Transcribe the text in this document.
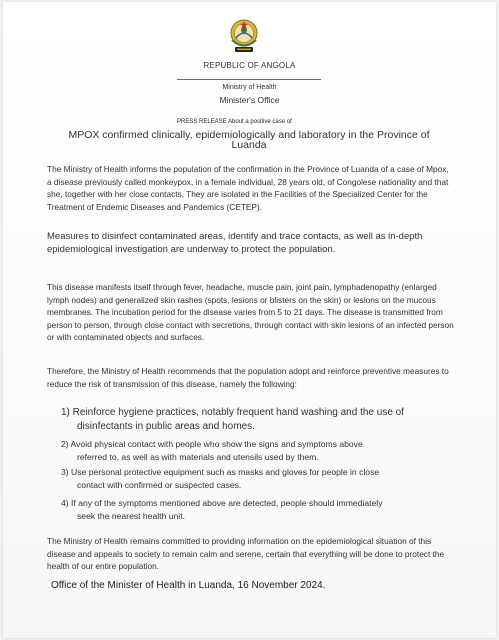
REPUBLIC OF ANGOLA
Ministry of Health
Minister's Office
PRESS RELEASE About a positive case of
MPOX confirmed clinically, epidemiologically and laboratory in the Province of Luanda

The Ministry of Health informs the population of the confirmation in the Province of Luanda of a case of Mpox, a disease previously called monkeypox, in a female individual, 28 years old, of Congolese nationality and that she, together with her close contacts, They are isolated in the Facilities of the Specialized Center for the Treatment of Endemic Diseases and Pandemics (CETEP).

Measures to disinfect contaminated areas, identify and trace contacts, as well as in-depth epidemiological investigation are underway to protect the population.

This disease manifests itself through fever, headache, muscle pain, joint pain, lymphadenopathy (enlarged lymph nodes) and generalized skin rashes (spots, lesions or blisters on the skin) or lesions on the mucous membranes. The incubation period for the disease varies from 5 to 21 days. The disease is transmitted from person to person, through close contact with secretions, through contact with skin lesions of an infected person or with contaminated objects and surfaces.

Therefore, the Ministry of Health recommends that the population adopt and reinforce preventive measures to reduce the risk of transmission of this disease, namely the following:

1) Reinforce hygiene practices, notably frequent hand washing and the use of
disinfectants in public areas and homes.
2) Avoid physical contact with people who show the signs and symptoms above
referred to, as well as with materials and utensils used by them.
3) Use personal protective equipment such as masks and gloves for people in close
contact with confirmed or suspected cases.
4) If any of the symptoms mentioned above are detected, people should immediately
seek the nearest health unit.

The Ministry of Health remains committed to providing information on the epidemiological situation of this disease and appeals to society to remain calm and serene, certain that everything will be done to protect the health of our entire population.

Office of the Minister of Health in Luanda, 16 November 2024.
